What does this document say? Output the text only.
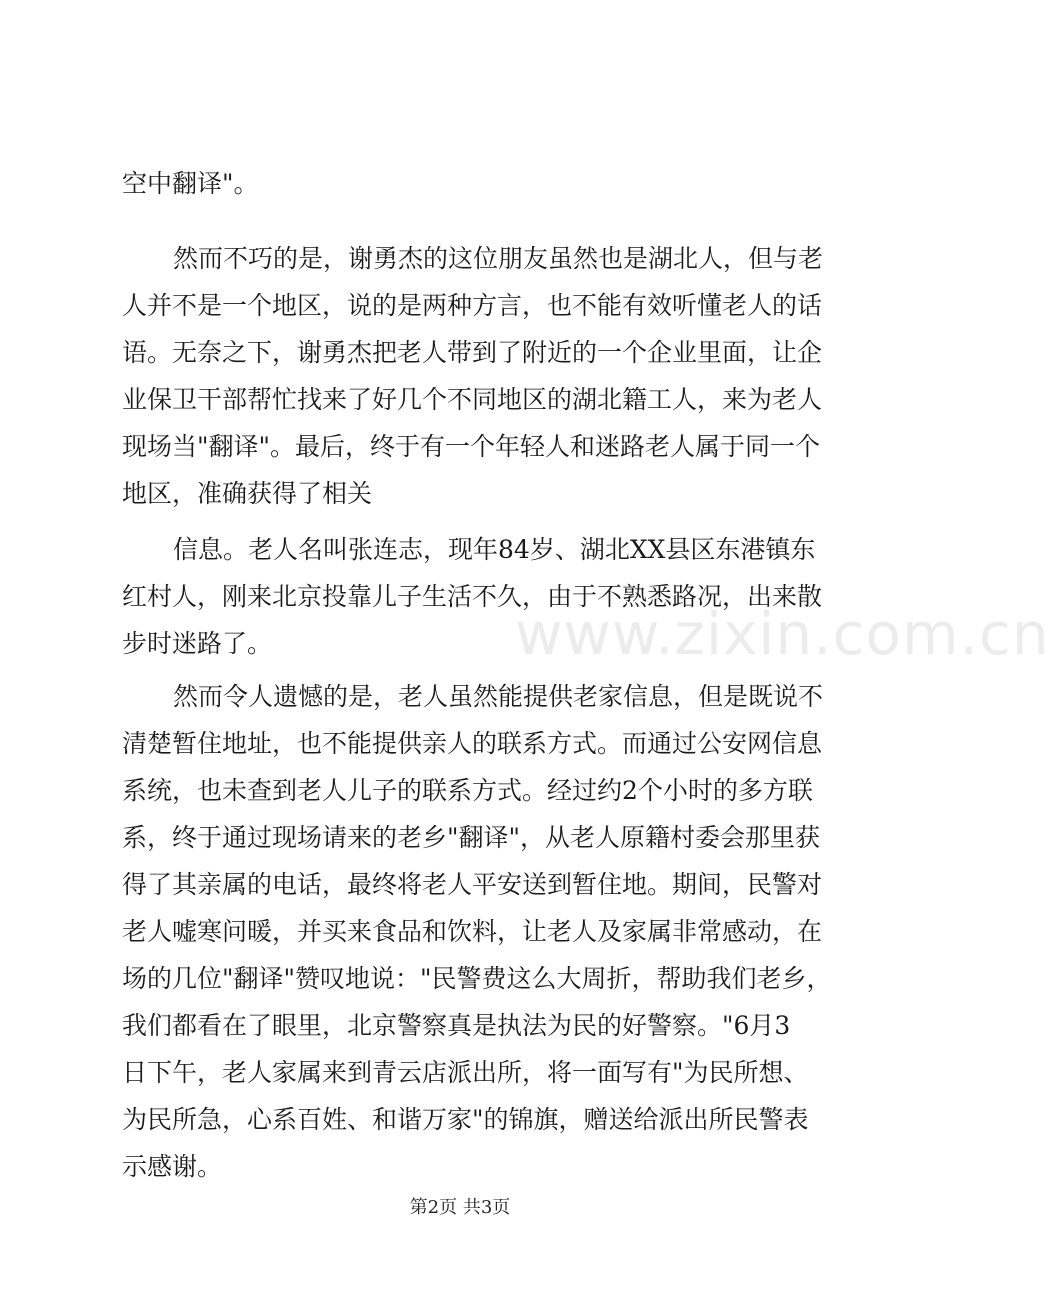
空中翻译"。
然而不巧的是，谢勇杰的这位朋友虽然也是湖北人，但与老
人并不是一个地区，说的是两种方言，也不能有效听懂老人的话
语。无奈之下，谢勇杰把老人带到了附近的一个企业里面，让企
业保卫干部帮忙找来了好几个不同地区的湖北籍工人，来为老人
现场当"翻译"。最后，终于有一个年轻人和迷路老人属于同一个
地区，准确获得了相关
信息。老人名叫张连志，现年84岁、湖北XX县区东港镇东
红村人，刚来北京投靠儿子生活不久，由于不熟悉路况，出来散
步时迷路了。
然而令人遗憾的是，老人虽然能提供老家信息，但是既说不
清楚暂住地址，也不能提供亲人的联系方式。而通过公安网信息
系统，也未查到老人儿子的联系方式。经过约2个小时的多方联
系，终于通过现场请来的老乡"翻译"，从老人原籍村委会那里获
得了其亲属的电话，最终将老人平安送到暂住地。期间，民警对
老人嘘寒问暖，并买来食品和饮料，让老人及家属非常感动，在
场的几位"翻译"赞叹地说："民警费这么大周折，帮助我们老乡，
我们都看在了眼里，北京警察真是执法为民的好警察。"6月3
日下午，老人家属来到青云店派出所，将一面写有"为民所想、
为民所急，心系百姓、和谐万家"的锦旗，赠送给派出所民警表
示感谢。
www.zixin.com.cn
第2页 共3页
